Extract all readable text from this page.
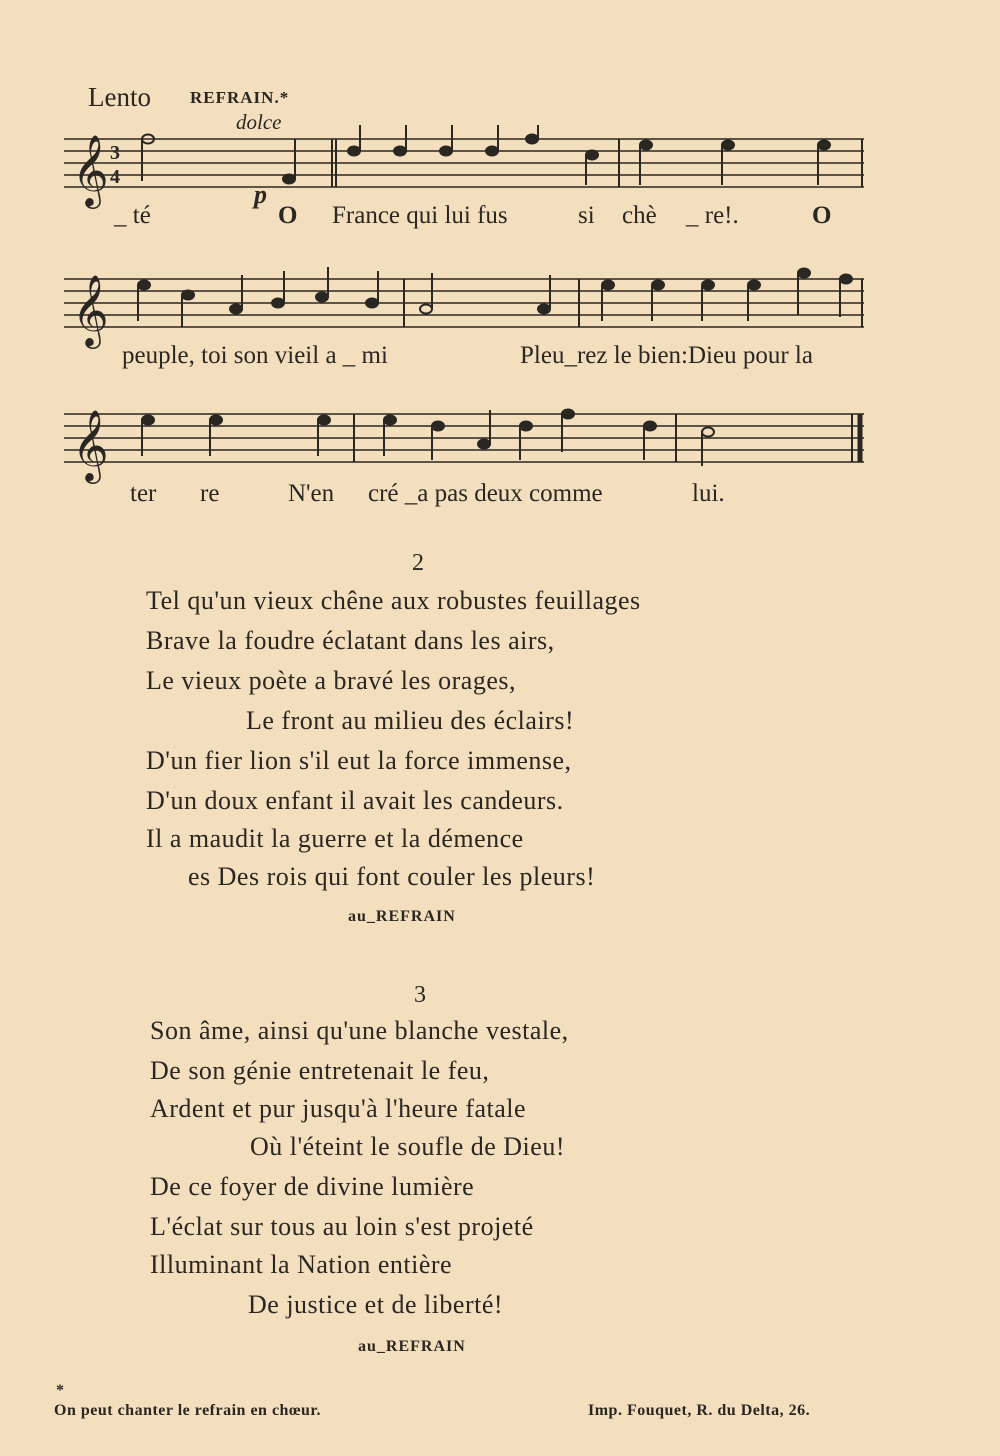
Lento REFRAIN.*
dolce
p
𝄞 3
4
_ té	O France qui lui fus	si chè _ re!.	O
𝄞
peuple, toi son vieil a _ mi	Pleu_rez le bien:Dieu pour la
𝄞
ter re	N'en cré _a pas deux comme	lui.
2
Tel qu'un vieux chêne aux robustes feuillages
Brave la foudre éclatant dans les airs,
Le vieux poète a bravé les orages,
Le front au milieu des éclairs!
D'un fier lion s'il eut la force immense,
D'un doux enfant il avait les candeurs.
Il a maudit la guerre et la démence
es Des rois qui font couler les pleurs!
au_REFRAIN
3
Son âme, ainsi qu'une blanche vestale,
De son génie entretenait le feu,
Ardent et pur jusqu'à l'heure fatale
Où l'éteint le soufle de Dieu!
De ce foyer de divine lumière
L'éclat sur tous au loin s'est projeté
Illuminant la Nation entière
De justice et de liberté!
au_REFRAIN
*
On peut chanter le refrain en chœur.	Imp. Fouquet, R. du Delta, 26.
